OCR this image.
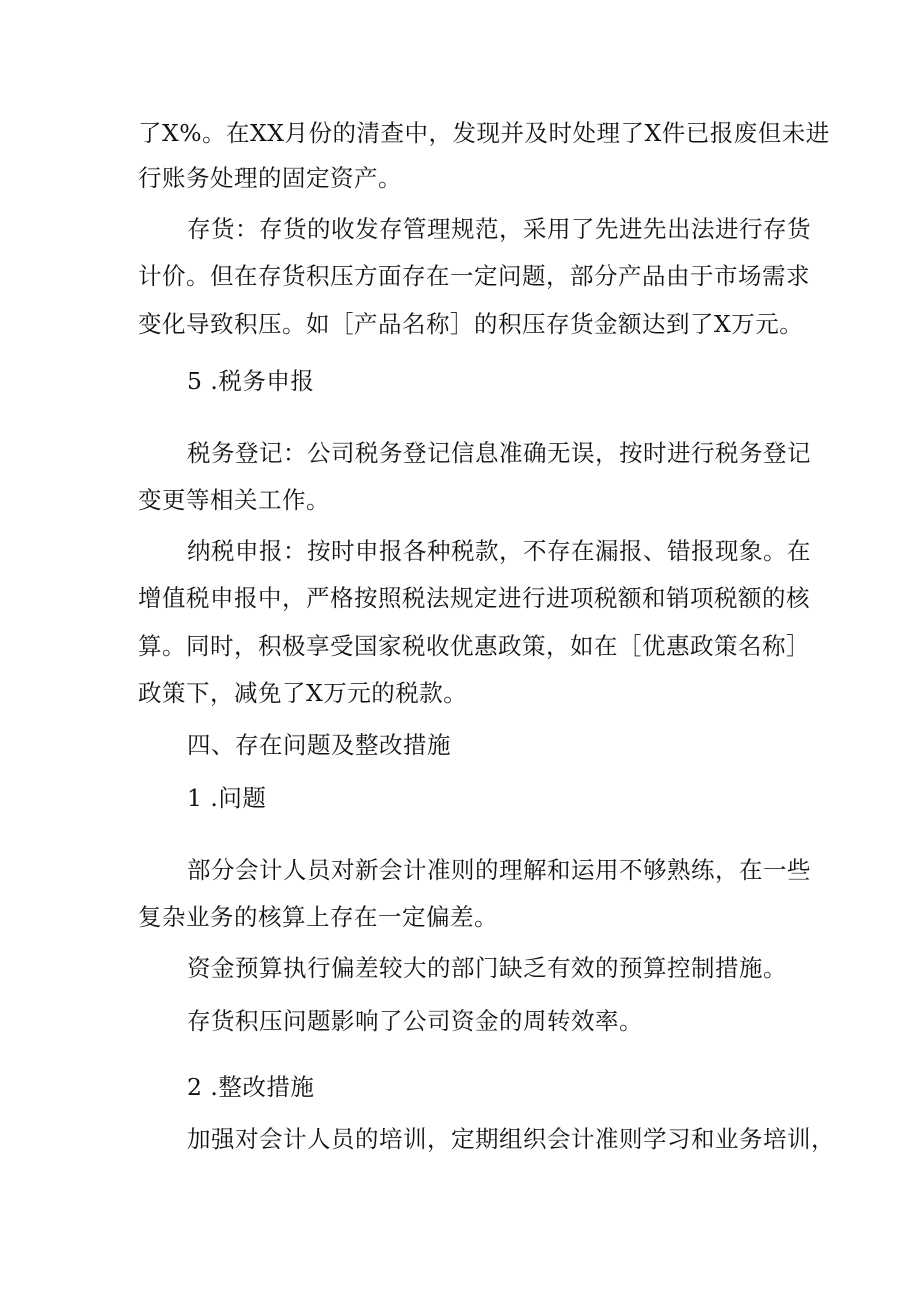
了X%。在XX月份的清查中，发现并及时处理了X件已报废但未进
行账务处理的固定资产。
存货：存货的收发存管理规范，采用了先进先出法进行存货
计价。但在存货积压方面存在一定问题，部分产品由于市场需求
变化导致积压。如［产品名称］的积压存货金额达到了X万元。
5 .税务申报
税务登记：公司税务登记信息准确无误，按时进行税务登记
变更等相关工作。
纳税申报：按时申报各种税款，不存在漏报、错报现象。在
增值税申报中，严格按照税法规定进行进项税额和销项税额的核
算。同时，积极享受国家税收优惠政策，如在［优惠政策名称］
政策下，减免了X万元的税款。
四、存在问题及整改措施
1 .问题
部分会计人员对新会计准则的理解和运用不够熟练，在一些
复杂业务的核算上存在一定偏差。
资金预算执行偏差较大的部门缺乏有效的预算控制措施。
存货积压问题影响了公司资金的周转效率。
2 .整改措施
加强对会计人员的培训，定期组织会计准则学习和业务培训，
